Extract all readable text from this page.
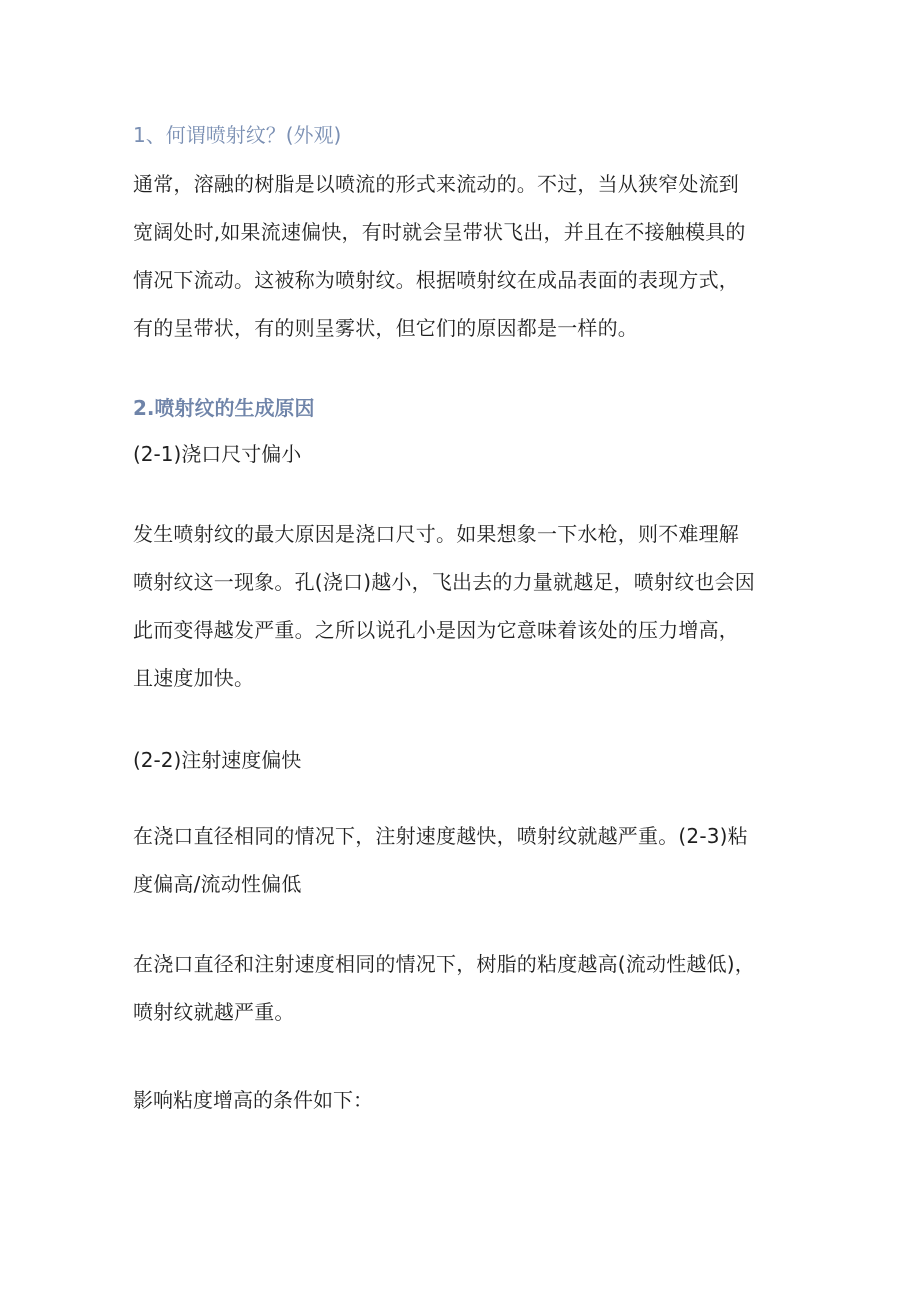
1、何谓喷射纹？(外观)
通常，溶融的树脂是以喷流的形式来流动的。不过，当从狭窄处流到
宽阔处时,如果流速偏快，有时就会呈带状飞出，并且在不接触模具的
情况下流动。这被称为喷射纹。根据喷射纹在成品表面的表现方式，
有的呈带状，有的则呈雾状，但它们的原因都是一样的。
2.喷射纹的生成原因
(2-1)浇口尺寸偏小
发生喷射纹的最大原因是浇口尺寸。如果想象一下水枪，则不难理解
喷射纹这一现象。孔(浇口)越小，飞出去的力量就越足，喷射纹也会因
此而变得越发严重。之所以说孔小是因为它意味着该处的压力增高，
且速度加快。
(2-2)注射速度偏快
在浇口直径相同的情况下，注射速度越快，喷射纹就越严重。(2-3)粘
度偏高/流动性偏低
在浇口直径和注射速度相同的情况下，树脂的粘度越高(流动性越低)，
喷射纹就越严重。
影响粘度增高的条件如下：
